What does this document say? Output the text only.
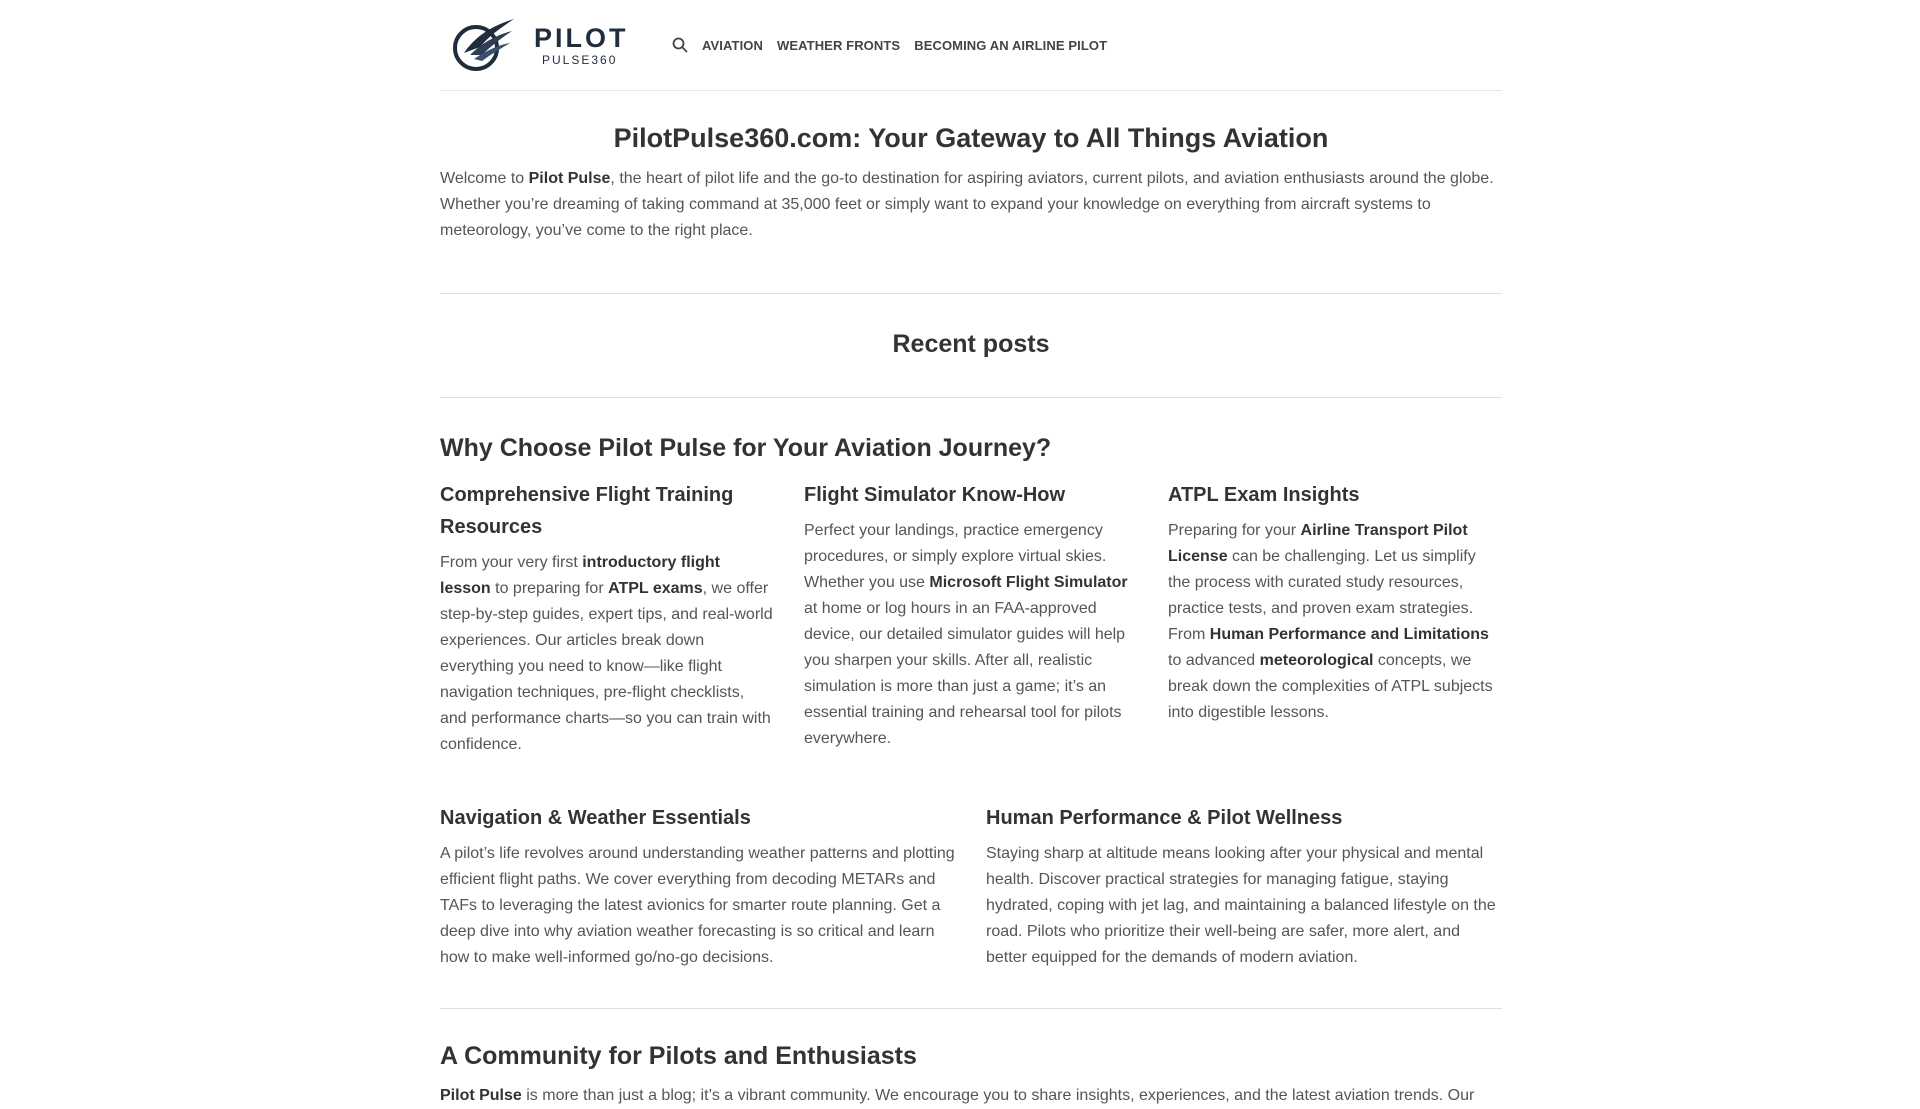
PILOT
PULSE360
AVIATION WEATHER FRONTS BECOMING AN AIRLINE PILOT
PilotPulse360.com: Your Gateway to All Things Aviation

Welcome to Pilot Pulse, the heart of pilot life and the go-to destination for aspiring aviators, current pilots, and aviation enthusiasts around the globe. Whether you’re dreaming of taking command at 35,000 feet or simply want to expand your knowledge on everything from aircraft systems to meteorology, you’ve come to the right place.

Recent posts
Why Choose Pilot Pulse for Your Aviation Journey?
Comprehensive Flight Training Resources

From your very first introductory flight lesson to preparing for ATPL exams, we offer step-by-step guides, expert tips, and real-world experiences. Our articles break down everything you need to know—like flight navigation techniques, pre-flight checklists, and performance charts—so you can train with confidence.

Flight Simulator Know-How

Perfect your landings, practice emergency procedures, or simply explore virtual skies. Whether you use Microsoft Flight Simulator at home or log hours in an FAA-approved device, our detailed simulator guides will help you sharpen your skills. After all, realistic simulation is more than just a game; it’s an essential training and rehearsal tool for pilots everywhere.

ATPL Exam Insights

Preparing for your Airline Transport Pilot License can be challenging. Let us simplify the process with curated study resources, practice tests, and proven exam strategies. From Human Performance and Limitations to advanced meteorological concepts, we break down the complexities of ATPL subjects into digestible lessons.

Navigation & Weather Essentials

A pilot’s life revolves around understanding weather patterns and plotting efficient flight paths. We cover everything from decoding METARs and TAFs to leveraging the latest avionics for smarter route planning. Get a deep dive into why aviation weather forecasting is so critical and learn how to make well-informed go/no-go decisions.

Human Performance & Pilot Wellness

Staying sharp at altitude means looking after your physical and mental health. Discover practical strategies for managing fatigue, staying hydrated, coping with jet lag, and maintaining a balanced lifestyle on the road. Pilots who prioritize their well-being are safer, more alert, and better equipped for the demands of modern aviation.

A Community for Pilots and Enthusiasts

Pilot Pulse is more than just a blog; it’s a vibrant community. We encourage you to share insights, experiences, and the latest aviation trends. Our
